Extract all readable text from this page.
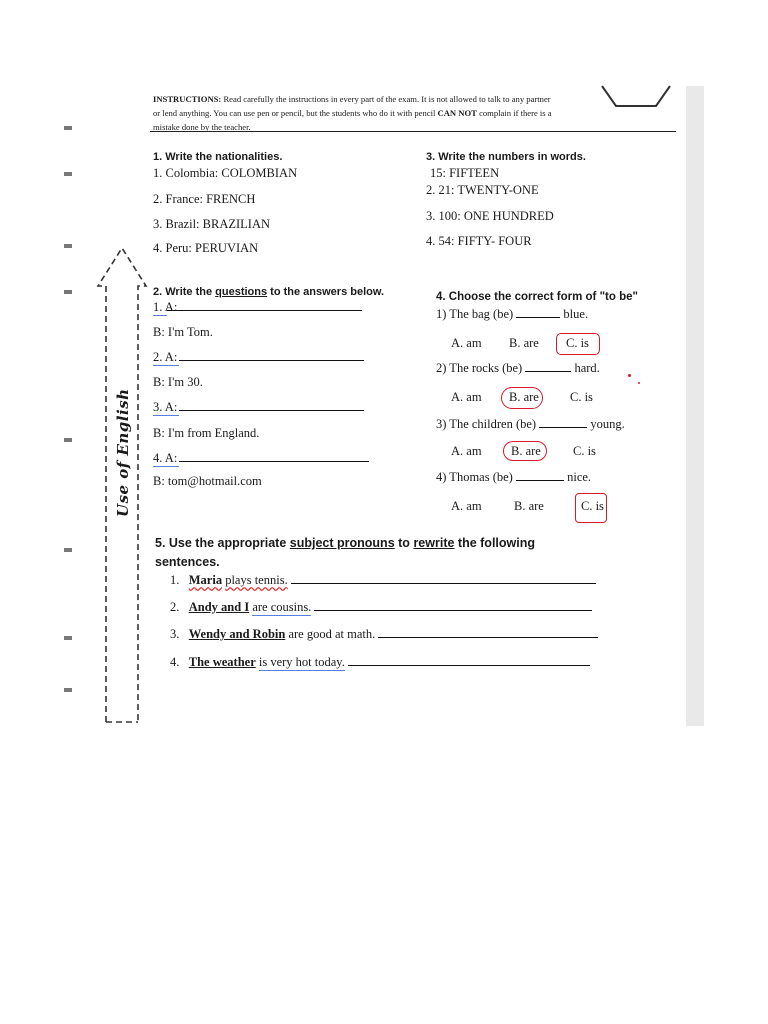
INSTRUCTIONS: Read carefully the instructions in every part of the exam. It is not allowed to talk to any partner
or lend anything. You can use pen or pencil, but the students who do it with pencil CAN NOT complain if there is a
mistake done by the teacher.
Use of English
1. Write the nationalities.
1. Colombia: COLOMBIAN
2. France: FRENCH
3. Brazil: BRAZILIAN
4. Peru: PERUVIAN
3. Write the numbers in words.
15: FIFTEEN
2. 21: TWENTY-ONE
3. 100: ONE HUNDRED
4. 54: FIFTY- FOUR
2. Write the questions to the answers below.
1. A:
B: I'm Tom.
2. A:
B: I'm 30.
3. A:
B: I'm from England.
4. A:
B: tom@hotmail.com
4. Choose the correct form of "to be"
1) The bag (be)	blue.
A. am B. are C. is
2) The rocks (be)	hard.
A. am B. are C. is
3) The children (be)	young.
A. am B. are	C. is
4) Thomas (be)	nice.
A. am	B. are	C. is
5. Use the appropriate subject pronouns to rewrite the following
sentences.
1. Maria plays tennis.
2. Andy and I are cousins.
3. Wendy and Robin are good at math.
4. The weather is very hot today.
